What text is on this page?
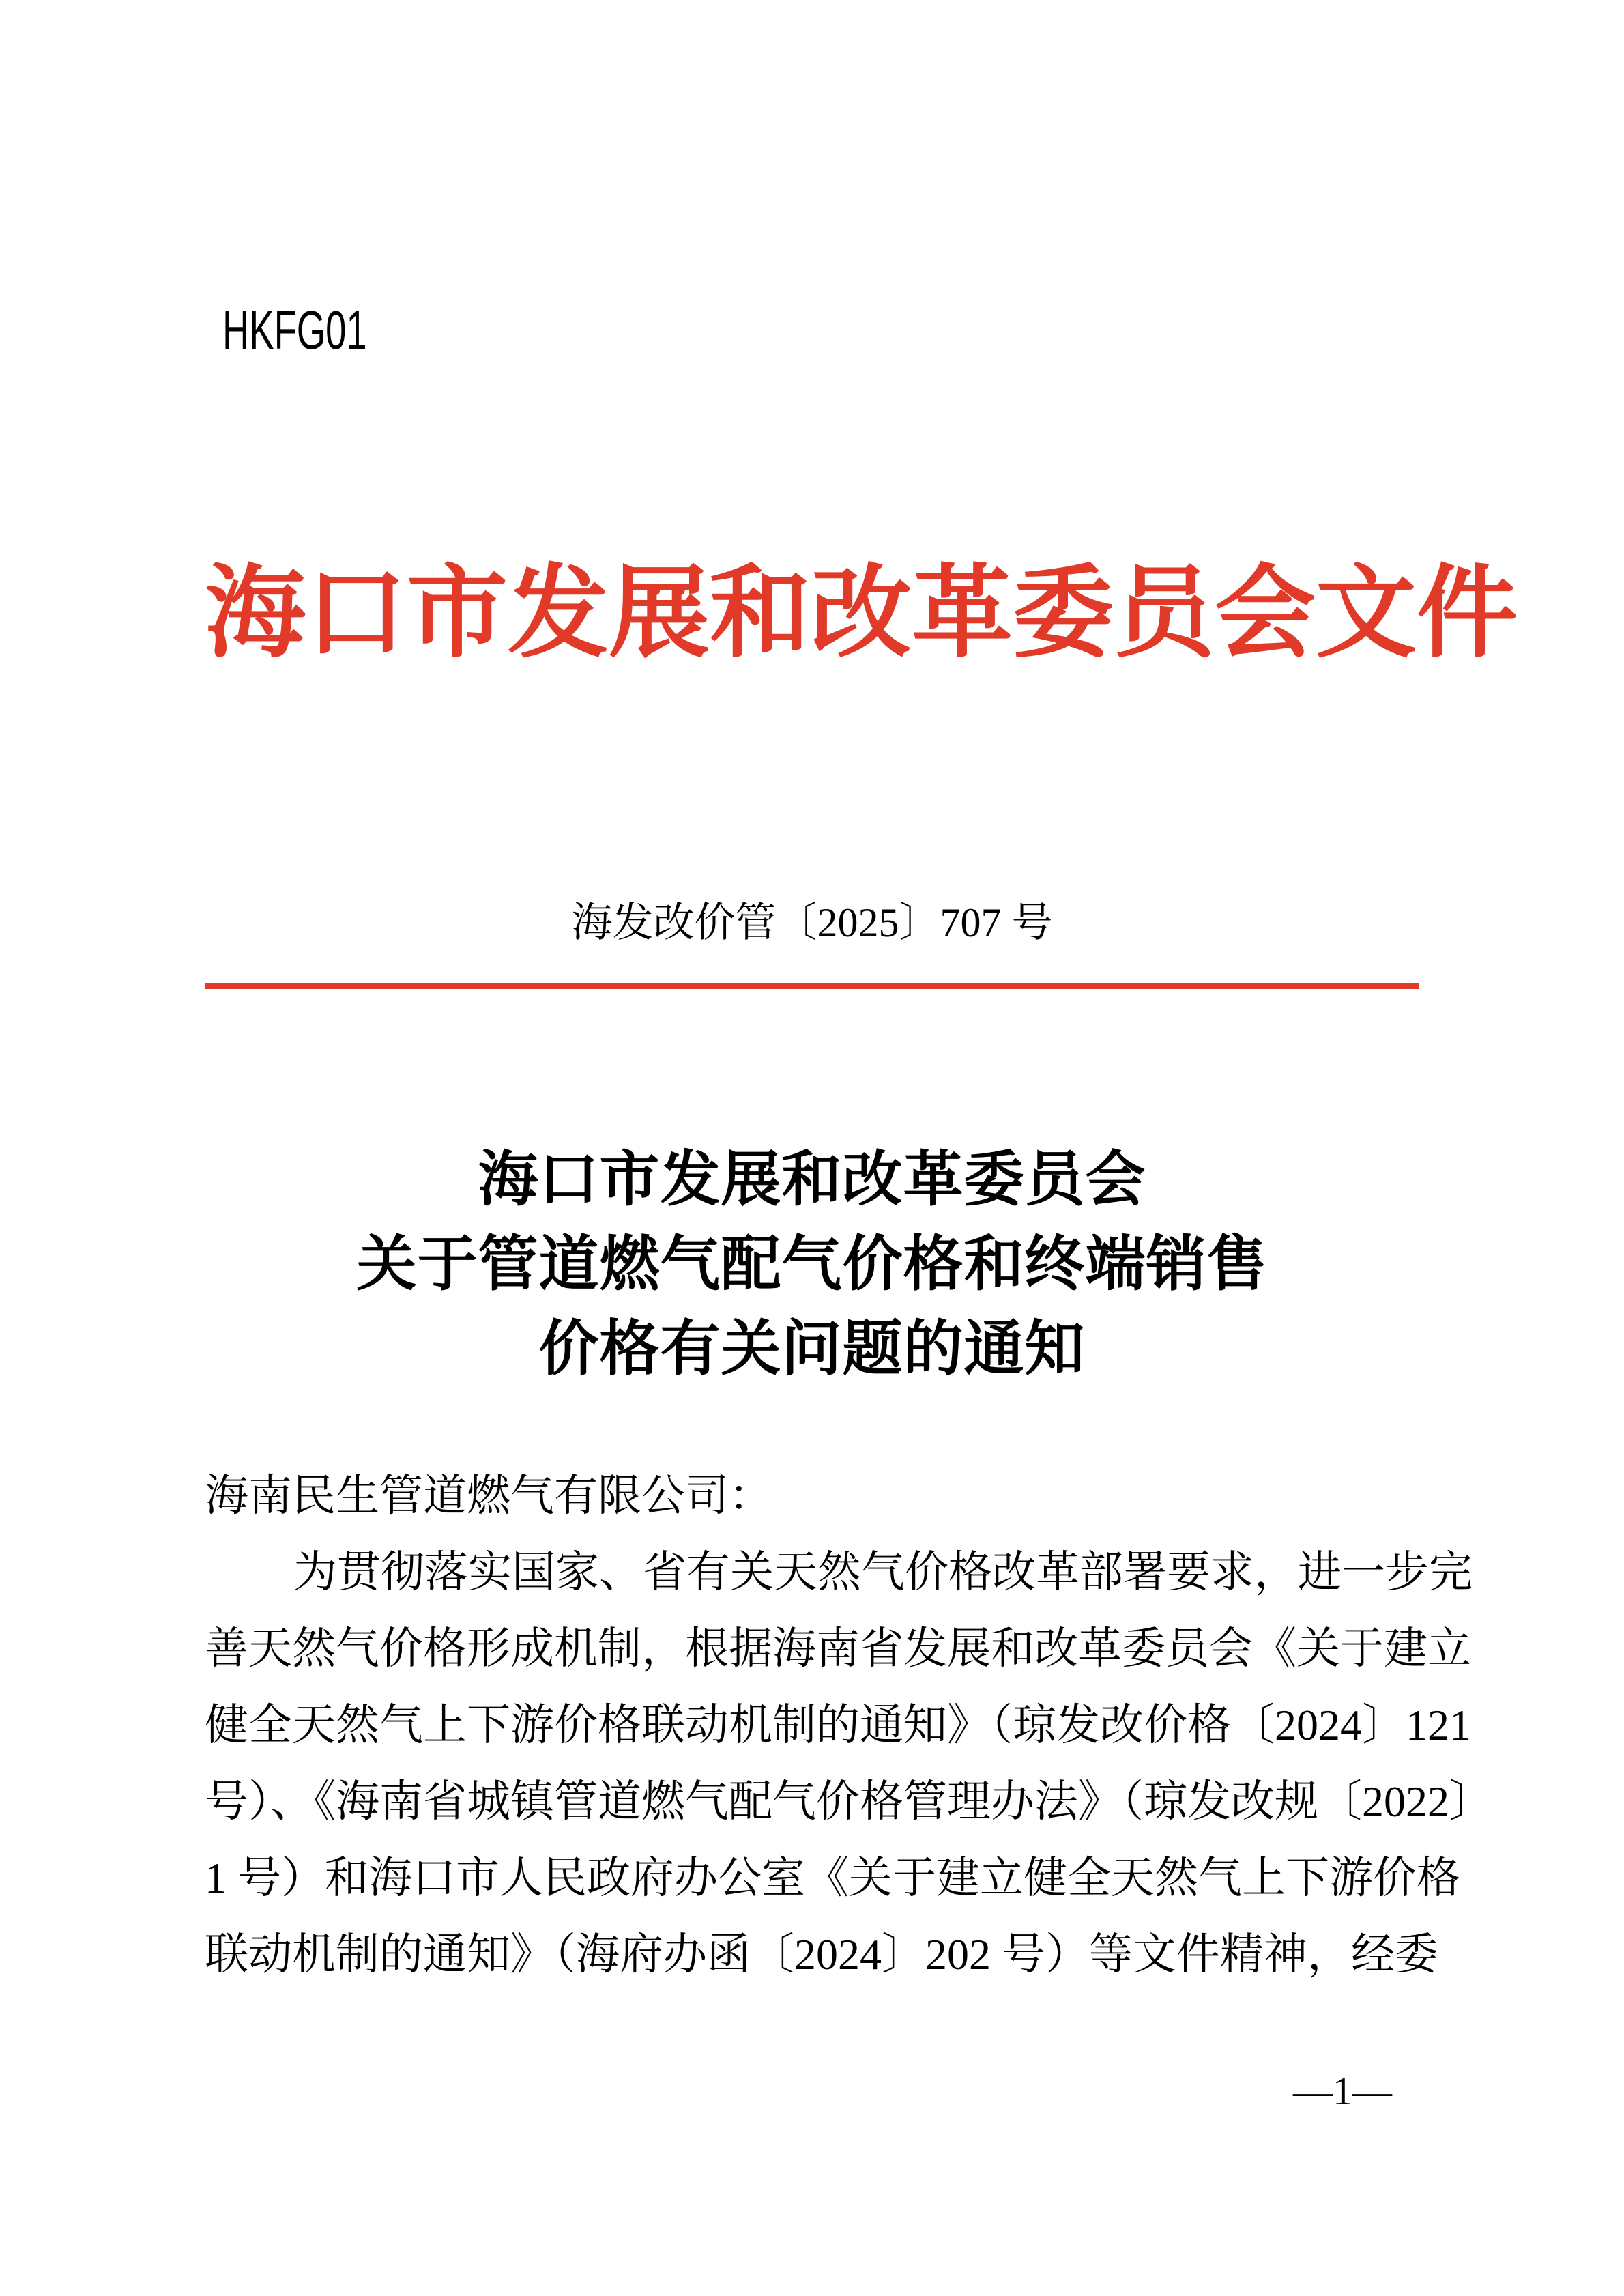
HKFG01
海口市发展和改革委员会文件
海发改价管〔2025〕707 号
海口市发展和改革委员会
关于管道燃气配气价格和终端销售
价格有关问题的通知
海南民生管道燃气有限公司：
为贯彻落实国家、省有关天然气价格改革部署要求，进一步完
善天然气价格形成机制，根据海南省发展和改革委员会《关于建立
健全天然气上下游价格联动机制的通知》（琼发改价格〔2024〕121
号）、《海南省城镇管道燃气配气价格管理办法》（琼发改规〔2022〕
1 号）和海口市人民政府办公室《关于建立健全天然气上下游价格
联动机制的通知》（海府办函〔2024〕202 号）等文件精神，经委
—1—
